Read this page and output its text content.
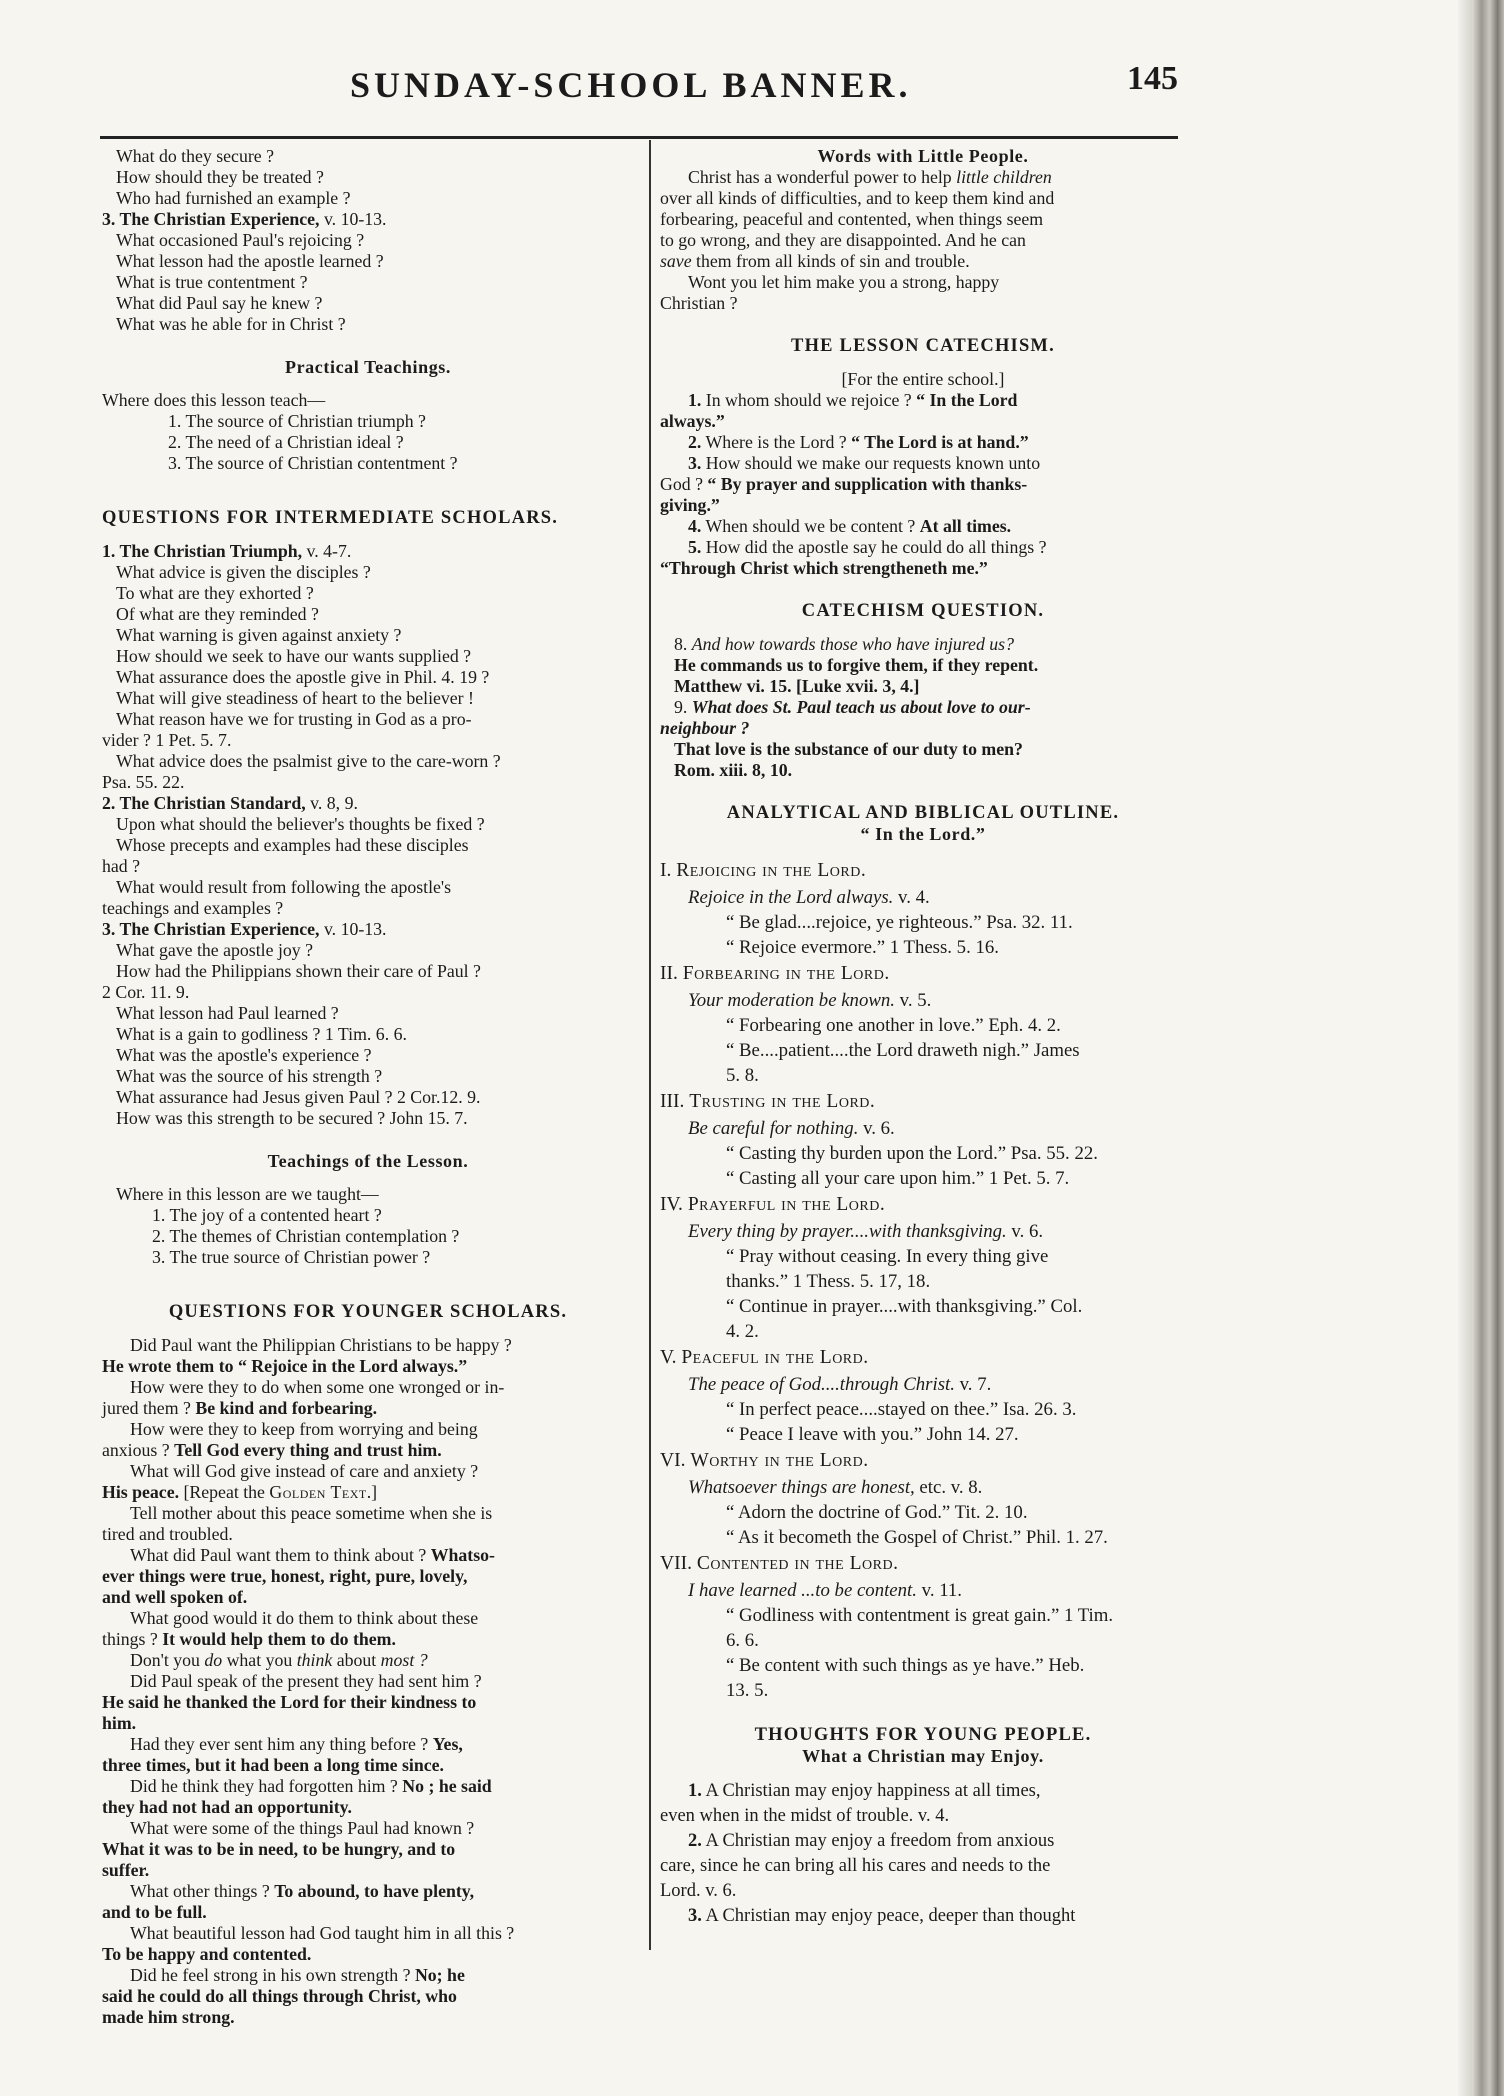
SUNDAY-SCHOOL BANNER.	145
What do they secure ?
How should they be treated ?
Who had furnished an example ?
3. The Christian Experience, v. 10-13.
What occasioned Paul's rejoicing ?
What lesson had the apostle learned ?
What is true contentment ?
What did Paul say he knew ?
What was he able for in Christ ?
Practical Teachings.
Where does this lesson teach—
1. The source of Christian triumph ?
2. The need of a Christian ideal ?
3. The source of Christian contentment ?
QUESTIONS FOR INTERMEDIATE SCHOLARS.
1. The Christian Triumph, v. 4-7.
What advice is given the disciples ?
To what are they exhorted ?
Of what are they reminded ?
What warning is given against anxiety ?
How should we seek to have our wants supplied ?
What assurance does the apostle give in Phil. 4. 19 ?
What will give steadiness of heart to the believer !
What reason have we for trusting in God as a pro-
vider ? 1 Pet. 5. 7.
What advice does the psalmist give to the care-worn ?
Psa. 55. 22.
2. The Christian Standard, v. 8, 9.
Upon what should the believer's thoughts be fixed ?
Whose precepts and examples had these disciples
had ?
What would result from following the apostle's
teachings and examples ?
3. The Christian Experience, v. 10-13.
What gave the apostle joy ?
How had the Philippians shown their care of Paul ?
2 Cor. 11. 9.
What lesson had Paul learned ?
What is a gain to godliness ? 1 Tim. 6. 6.
What was the apostle's experience ?
What was the source of his strength ?
What assurance had Jesus given Paul ? 2 Cor.12. 9.
How was this strength to be secured ? John 15. 7.
Teachings of the Lesson.
Where in this lesson are we taught—
1. The joy of a contented heart ?
2. The themes of Christian contemplation ?
3. The true source of Christian power ?
QUESTIONS FOR YOUNGER SCHOLARS.
Did Paul want the Philippian Christians to be happy ?
He wrote them to “ Rejoice in the Lord always.”
How were they to do when some one wronged or in-
jured them ? Be kind and forbearing.
How were they to keep from worrying and being
anxious ? Tell God every thing and trust him.
What will God give instead of care and anxiety ?
His peace. [Repeat the Golden Text.]
Tell mother about this peace sometime when she is
tired and troubled.
What did Paul want them to think about ? Whatso-
ever things were true, honest, right, pure, lovely,
and well spoken of.
What good would it do them to think about these
things ? It would help them to do them.
Don't you do what you think about most ?
Did Paul speak of the present they had sent him ?
He said he thanked the Lord for their kindness to
him.
Had they ever sent him any thing before ? Yes,
three times, but it had been a long time since.
Did he think they had forgotten him ? No ; he said
they had not had an opportunity.
What were some of the things Paul had known ?
What it was to be in need, to be hungry, and to
suffer.
What other things ? To abound, to have plenty,
and to be full.
What beautiful lesson had God taught him in all this ?
To be happy and contented.
Did he feel strong in his own strength ? No; he
said he could do all things through Christ, who
made him strong.
Words with Little People.
Christ has a wonderful power to help little children
over all kinds of difficulties, and to keep them kind and
forbearing, peaceful and contented, when things seem
to go wrong, and they are disappointed. And he can
save them from all kinds of sin and trouble.
Wont you let him make you a strong, happy
Christian ?
THE LESSON CATECHISM.
[For the entire school.]
1. In whom should we rejoice ? “ In the Lord
always.”
2. Where is the Lord ? “ The Lord is at hand.”
3. How should we make our requests known unto
God ? “ By prayer and supplication with thanks-
giving.”
4. When should we be content ? At all times.
5. How did the apostle say he could do all things ?
“Through Christ which strengtheneth me.”
CATECHISM QUESTION.
8. And how towards those who have injured us?
He commands us to forgive them, if they repent.
Matthew vi. 15. [Luke xvii. 3, 4.]
9. What does St. Paul teach us about love to our-
neighbour ?
That love is the substance of our duty to men?
Rom. xiii. 8, 10.
ANALYTICAL AND BIBLICAL OUTLINE.
“ In the Lord.”
I. Rejoicing in the Lord.
Rejoice in the Lord always. v. 4.
“ Be glad....rejoice, ye righteous.” Psa. 32. 11.
“ Rejoice evermore.” 1 Thess. 5. 16.
II. Forbearing in the Lord.
Your moderation be known. v. 5.
“ Forbearing one another in love.” Eph. 4. 2.
“ Be....patient....the Lord draweth nigh.” James
5. 8.
III. Trusting in the Lord.
Be careful for nothing. v. 6.
“ Casting thy burden upon the Lord.” Psa. 55. 22.
“ Casting all your care upon him.” 1 Pet. 5. 7.
IV. Prayerful in the Lord.
Every thing by prayer....with thanksgiving. v. 6.
“ Pray without ceasing. In every thing give
thanks.” 1 Thess. 5. 17, 18.
“ Continue in prayer....with thanksgiving.” Col.
4. 2.
V. Peaceful in the Lord.
The peace of God....through Christ. v. 7.
“ In perfect peace....stayed on thee.” Isa. 26. 3.
“ Peace I leave with you.” John 14. 27.
VI. Worthy in the Lord.
Whatsoever things are honest, etc. v. 8.
“ Adorn the doctrine of God.” Tit. 2. 10.
“ As it becometh the Gospel of Christ.” Phil. 1. 27.
VII. Contented in the Lord.
I have learned ...to be content. v. 11.
“ Godliness with contentment is great gain.” 1 Tim.
6. 6.
“ Be content with such things as ye have.” Heb.
13. 5.
THOUGHTS FOR YOUNG PEOPLE.
What a Christian may Enjoy.
1. A Christian may enjoy happiness at all times,
even when in the midst of trouble. v. 4.
2. A Christian may enjoy a freedom from anxious
care, since he can bring all his cares and needs to the
Lord. v. 6.
3. A Christian may enjoy peace, deeper than thought
